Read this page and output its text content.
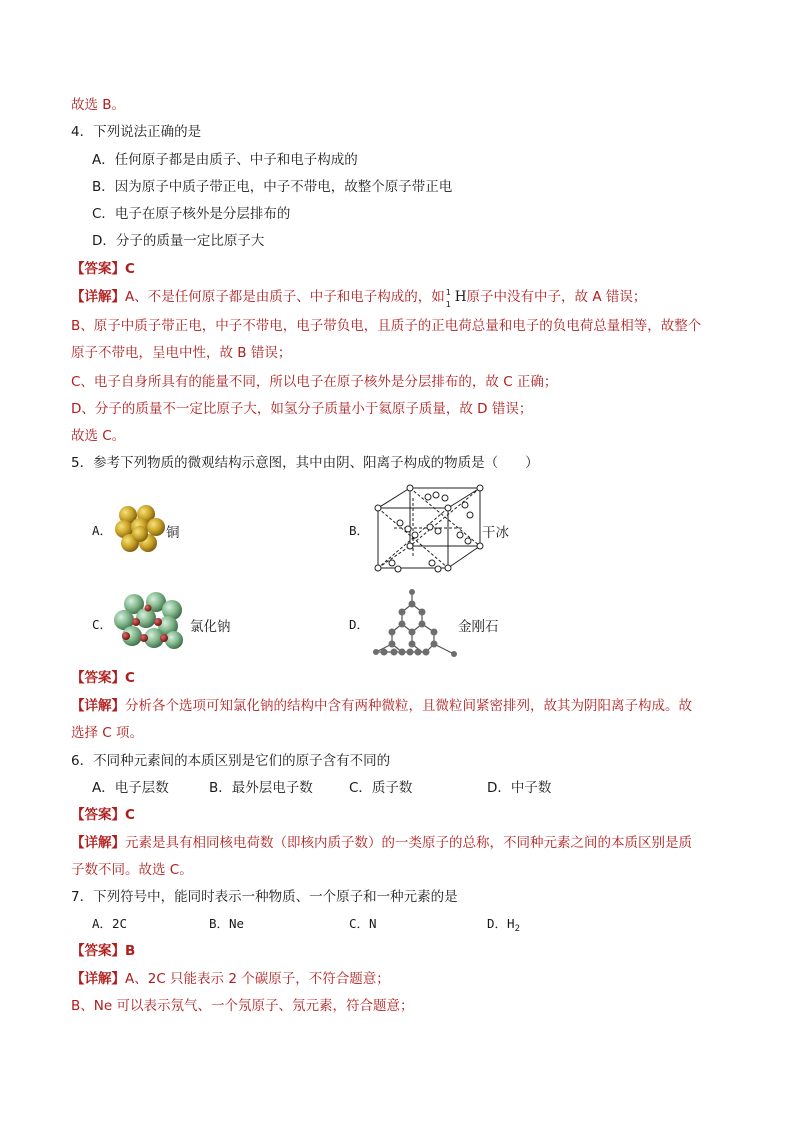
故选 B。
4．下列说法正确的是
A．任何原子都是由质子、中子和电子构成的
B．因为原子中质子带正电，中子不带电，故整个原子带正电
C．电子在原子核外是分层排布的
D．分子的质量一定比原子大
【答案】C
【详解】A、不是任何原子都是由质子、中子和电子构成的，如 1
1 H原子中没有中子，故 A 错误；
B、原子中质子带正电，中子不带电，电子带负电，且质子的正电荷总量和电子的负电荷总量相等，故整个
原子不带电，呈电中性，故 B 错误；
C、电子自身所具有的能量不同，所以电子在原子核外是分层排布的，故 C 正确；
D、分子的质量不一定比原子大，如氢分子质量小于氦原子质量，故 D 错误；
故选 C。
5．参考下列物质的微观结构示意图，其中由阴、阳离子构成的物质是（　　）
A．	铜	B．	干冰
C．	氯化钠	D．	金刚石
【答案】C
【详解】分析各个选项可知氯化钠的结构中含有两种微粒，且微粒间紧密排列，故其为阴阳离子构成。故
选择 C 项。
6．不同种元素间的本质区别是它们的原子含有不同的
A．电子层数	B．最外层电子数	C．质子数	D．中子数
【答案】C
【详解】元素是具有相同核电荷数（即核内质子数）的一类原子的总称，不同种元素之间的本质区别是质
子数不同。故选 C。
7．下列符号中，能同时表示一种物质、一个原子和一种元素的是
A．2C	B．Ne	C．N	D．$H_2$
【答案】B
【详解】A、2C 只能表示 2 个碳原子，不符合题意；
B、Ne 可以表示氖气、一个氖原子、氖元素，符合题意；
